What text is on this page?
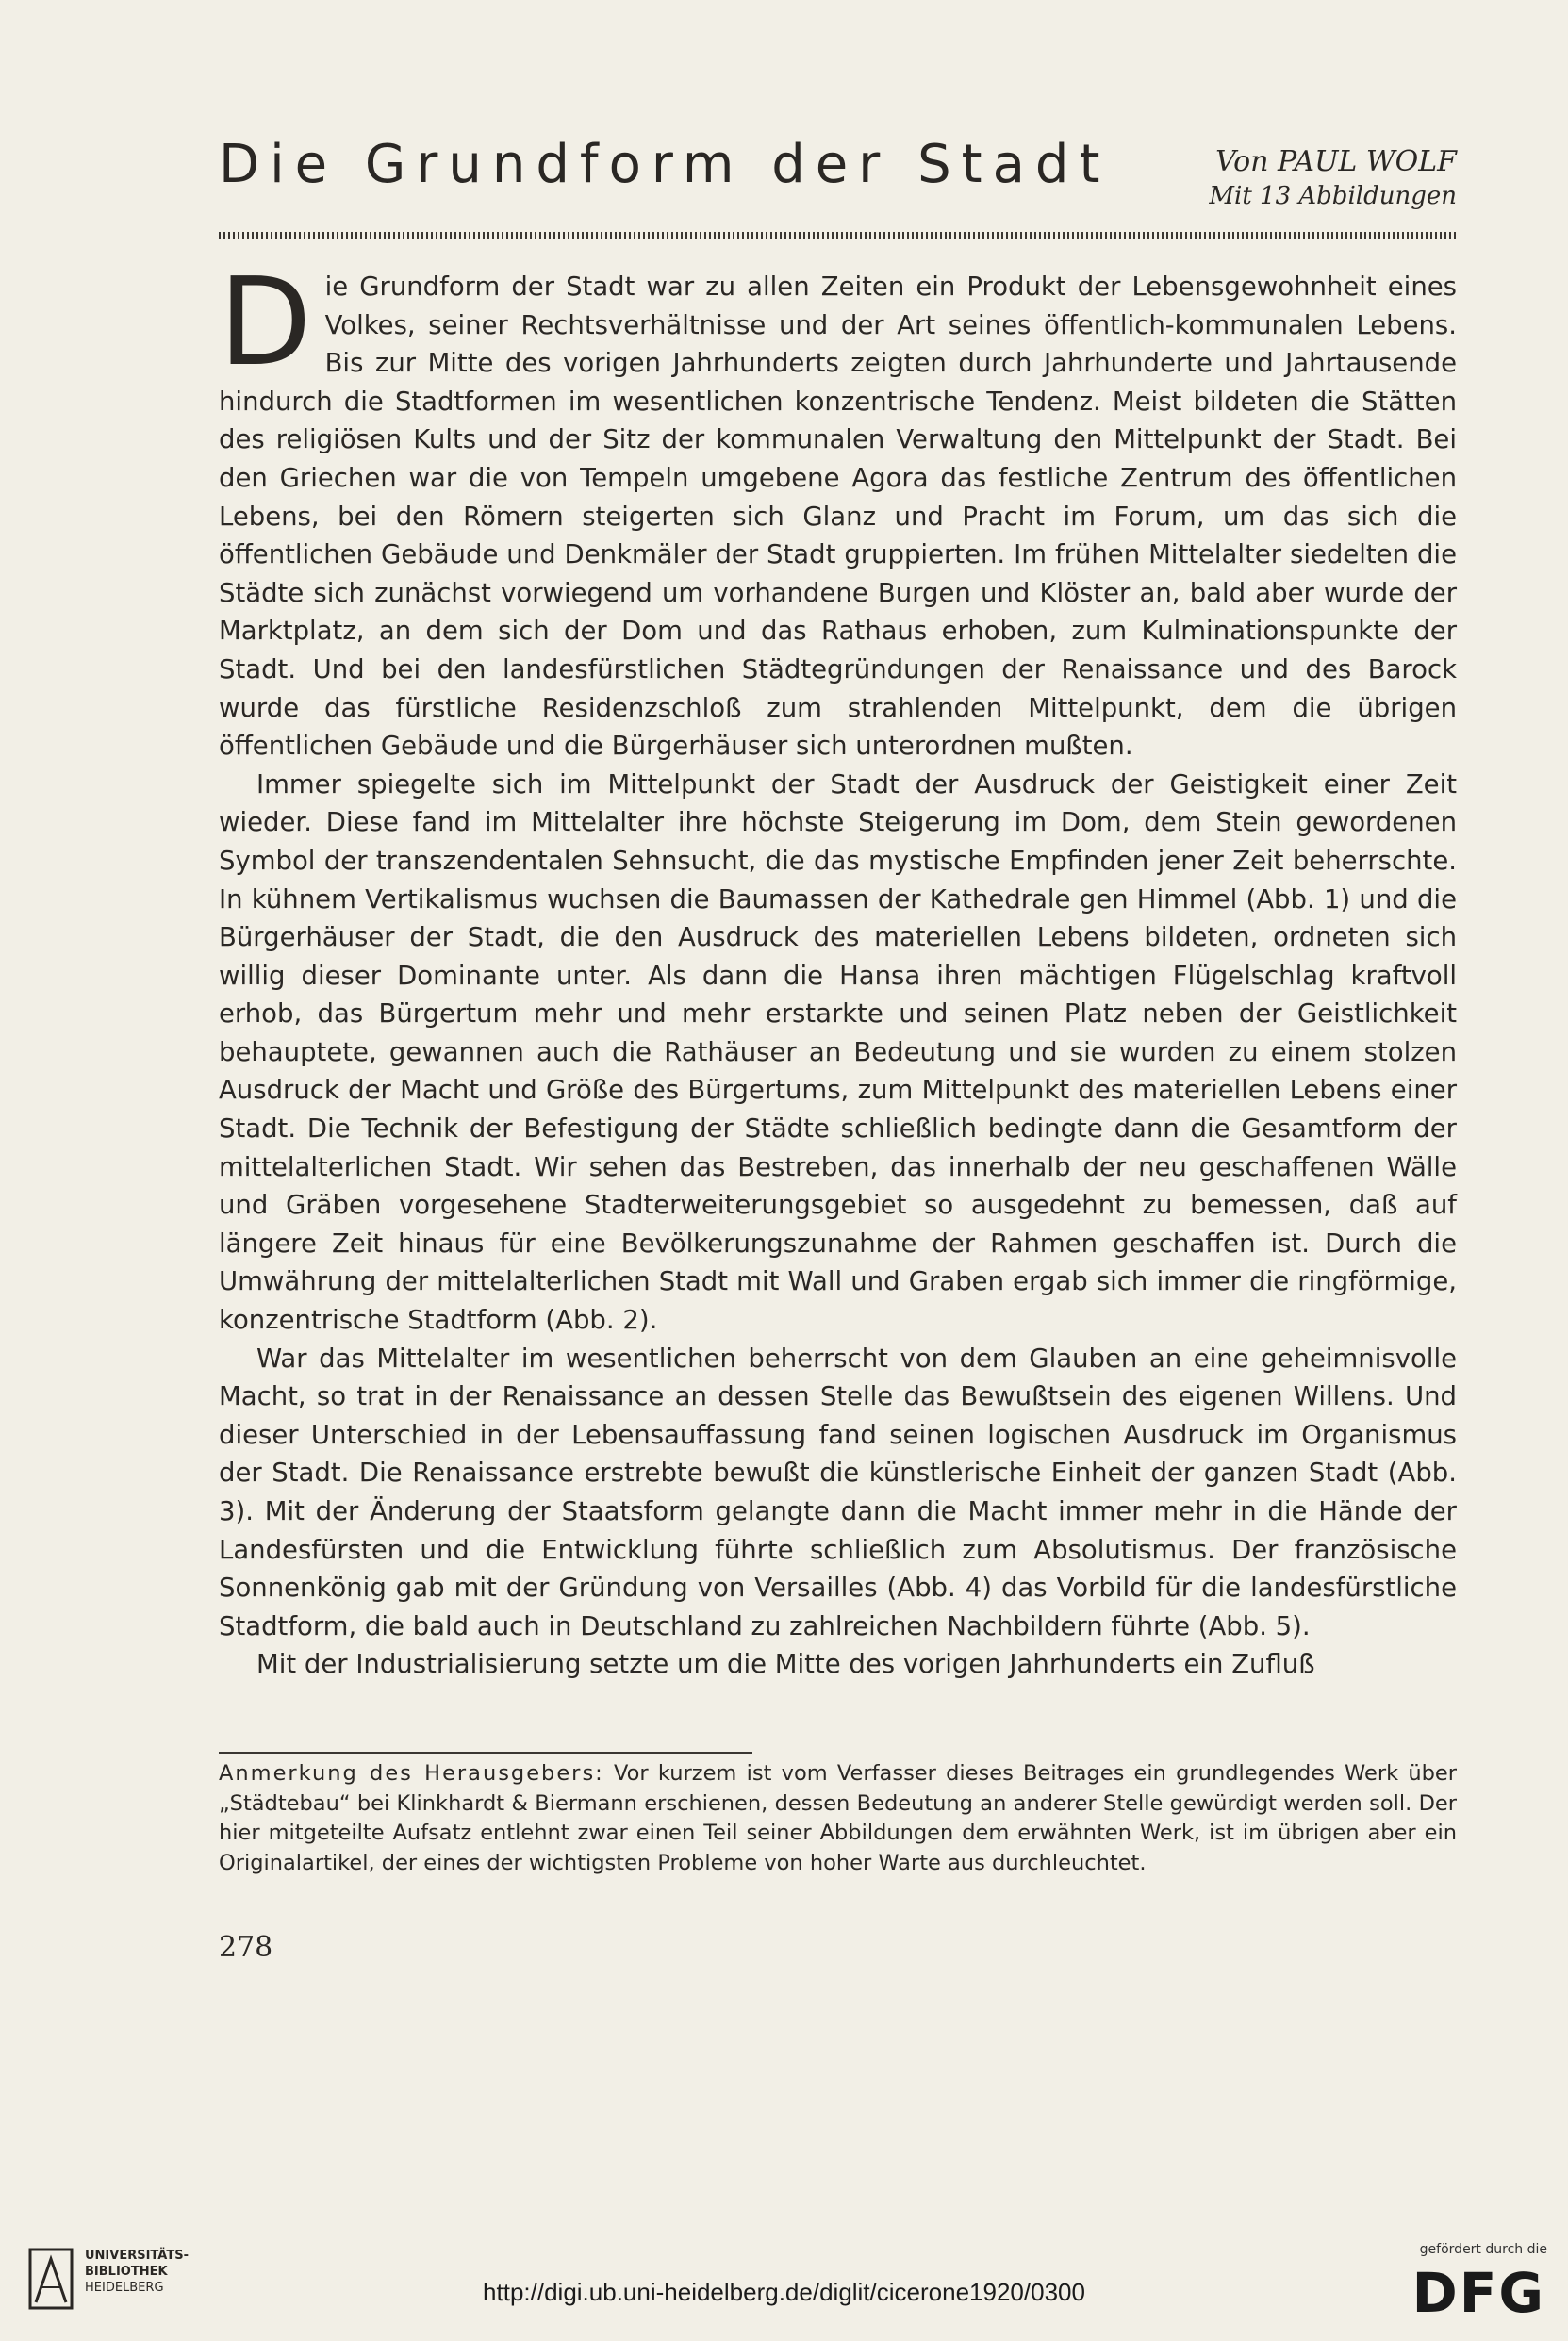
Die Grundform der Stadt	Von PAUL WOLF
Mit 13 Abbildungen

Die Grundform der Stadt war zu allen Zeiten ein Produkt der Lebensgewohnheit eines Volkes, seiner Rechtsverhältnisse und der Art seines öffentlich-kommunalen Lebens. Bis zur Mitte des vorigen Jahrhunderts zeigten durch Jahrhunderte und Jahrtausende hindurch die Stadtformen im wesentlichen konzentrische Tendenz. Meist bildeten die Stätten des religiösen Kults und der Sitz der kommunalen Verwaltung den Mittelpunkt der Stadt. Bei den Griechen war die von Tempeln umgebene Agora das festliche Zentrum des öffentlichen Lebens, bei den Römern steigerten sich Glanz und Pracht im Forum, um das sich die öffentlichen Gebäude und Denkmäler der Stadt gruppierten. Im frühen Mittelalter siedelten die Städte sich zunächst vorwiegend um vorhandene Burgen und Klöster an, bald aber wurde der Marktplatz, an dem sich der Dom und das Rathaus erhoben, zum Kulminationspunkte der Stadt. Und bei den landesfürstlichen Städtegründungen der Renaissance und des Barock wurde das fürstliche Residenzschloß zum strahlenden Mittelpunkt, dem die übrigen öffentlichen Gebäude und die Bürgerhäuser sich unterordnen mußten.

Immer spiegelte sich im Mittelpunkt der Stadt der Ausdruck der Geistigkeit einer Zeit wieder. Diese fand im Mittelalter ihre höchste Steigerung im Dom, dem Stein gewordenen Symbol der transzendentalen Sehnsucht, die das mystische Empfinden jener Zeit beherrschte. In kühnem Vertikalismus wuchsen die Baumassen der Kathedrale gen Himmel (Abb. 1) und die Bürgerhäuser der Stadt, die den Ausdruck des materiellen Lebens bildeten, ordneten sich willig dieser Dominante unter. Als dann die Hansa ihren mächtigen Flügelschlag kraftvoll erhob, das Bürgertum mehr und mehr erstarkte und seinen Platz neben der Geistlichkeit behauptete, gewannen auch die Rathäuser an Bedeutung und sie wurden zu einem stolzen Ausdruck der Macht und Größe des Bürgertums, zum Mittelpunkt des materiellen Lebens einer Stadt. Die Technik der Befestigung der Städte schließlich bedingte dann die Gesamtform der mittelalterlichen Stadt. Wir sehen das Bestreben, das innerhalb der neu geschaffenen Wälle und Gräben vorgesehene Stadterweiterungsgebiet so ausgedehnt zu bemessen, daß auf längere Zeit hinaus für eine Bevölkerungszunahme der Rahmen geschaffen ist. Durch die Umwährung der mittelalterlichen Stadt mit Wall und Graben ergab sich immer die ringförmige, konzentrische Stadtform (Abb. 2).

War das Mittelalter im wesentlichen beherrscht von dem Glauben an eine geheimnisvolle Macht, so trat in der Renaissance an dessen Stelle das Bewußtsein des eigenen Willens. Und dieser Unterschied in der Lebensauffassung fand seinen logischen Ausdruck im Organismus der Stadt. Die Renaissance erstrebte bewußt die künstlerische Einheit der ganzen Stadt (Abb. 3). Mit der Änderung der Staatsform gelangte dann die Macht immer mehr in die Hände der Landesfürsten und die Entwicklung führte schließlich zum Absolutismus. Der französische Sonnenkönig gab mit der Gründung von Versailles (Abb. 4) das Vorbild für die landesfürstliche Stadtform, die bald auch in Deutschland zu zahlreichen Nachbildern führte (Abb. 5).

Mit der Industrialisierung setzte um die Mitte des vorigen Jahrhunderts ein Zufluß

Anmerkung des Herausgebers: Vor kurzem ist vom Verfasser dieses Beitrages ein grundlegendes Werk über „Städtebau“ bei Klinkhardt & Biermann erschienen, dessen Bedeutung an anderer Stelle gewürdigt werden soll. Der hier mitgeteilte Aufsatz entlehnt zwar einen Teil seiner Abbildungen dem erwähnten Werk, ist im übrigen aber ein Originalartikel, der eines der wichtigsten Probleme von hoher Warte aus durchleuchtet.
278
UNIVERSITÄTS-
BIBLIOTHEK
HEIDELBERG	http://digi.ub.uni-heidelberg.de/diglit/cicerone1920/0300
gefördert durch die
DFG
